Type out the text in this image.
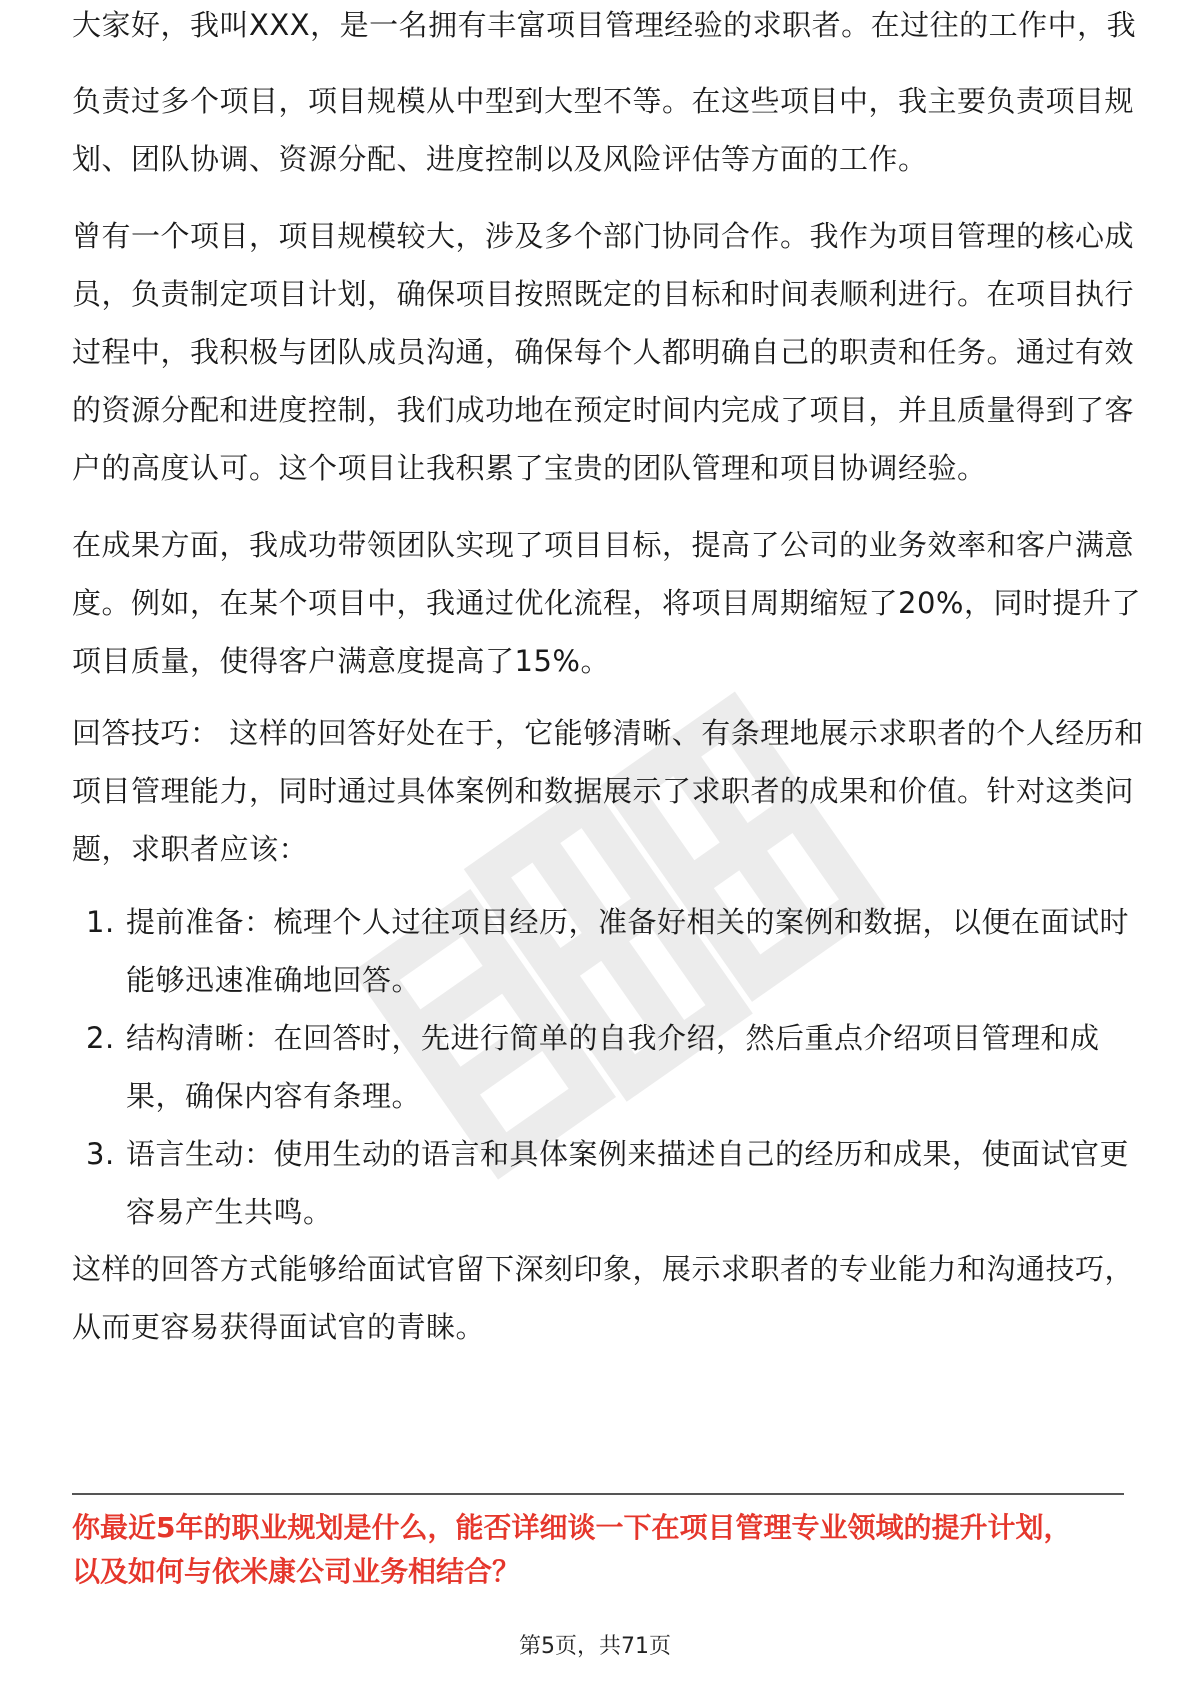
大家好，我叫XXX，是一名拥有丰富项目管理经验的求职者。在过往的工作中，我

负责过多个项目，项目规模从中型到大型不等。在这些项目中，我主要负责项目规
划、团队协调、资源分配、进度控制以及风险评估等方面的工作。

曾有一个项目，项目规模较大，涉及多个部门协同合作。我作为项目管理的核心成
员，负责制定项目计划，确保项目按照既定的目标和时间表顺利进行。在项目执行
过程中，我积极与团队成员沟通，确保每个人都明确自己的职责和任务。通过有效
的资源分配和进度控制，我们成功地在预定时间内完成了项目，并且质量得到了客
户的高度认可。这个项目让我积累了宝贵的团队管理和项目协调经验。

在成果方面，我成功带领团队实现了项目目标，提高了公司的业务效率和客户满意
度。例如，在某个项目中，我通过优化流程，将项目周期缩短了20%，同时提升了
项目质量，使得客户满意度提高了15%。

回答技巧： 这样的回答好处在于，它能够清晰、有条理地展示求职者的个人经历和
项目管理能力，同时通过具体案例和数据展示了求职者的成果和价值。针对这类问
题，求职者应该：

1. 提前准备：梳理个人过往项目经历，准备好相关的案例和数据，以便在面试时
能够迅速准确地回答。
2. 结构清晰：在回答时，先进行简单的自我介绍，然后重点介绍项目管理和成
果，确保内容有条理。
3. 语言生动：使用生动的语言和具体案例来描述自己的经历和成果，使面试官更
容易产生共鸣。

这样的回答方式能够给面试官留下深刻印象，展示求职者的专业能力和沟通技巧，
从而更容易获得面试官的青睐。

你最近5年的职业规划是什么，能否详细谈一下在项目管理专业领域的提升计划，
以及如何与依米康公司业务相结合？
第5页，共71页
